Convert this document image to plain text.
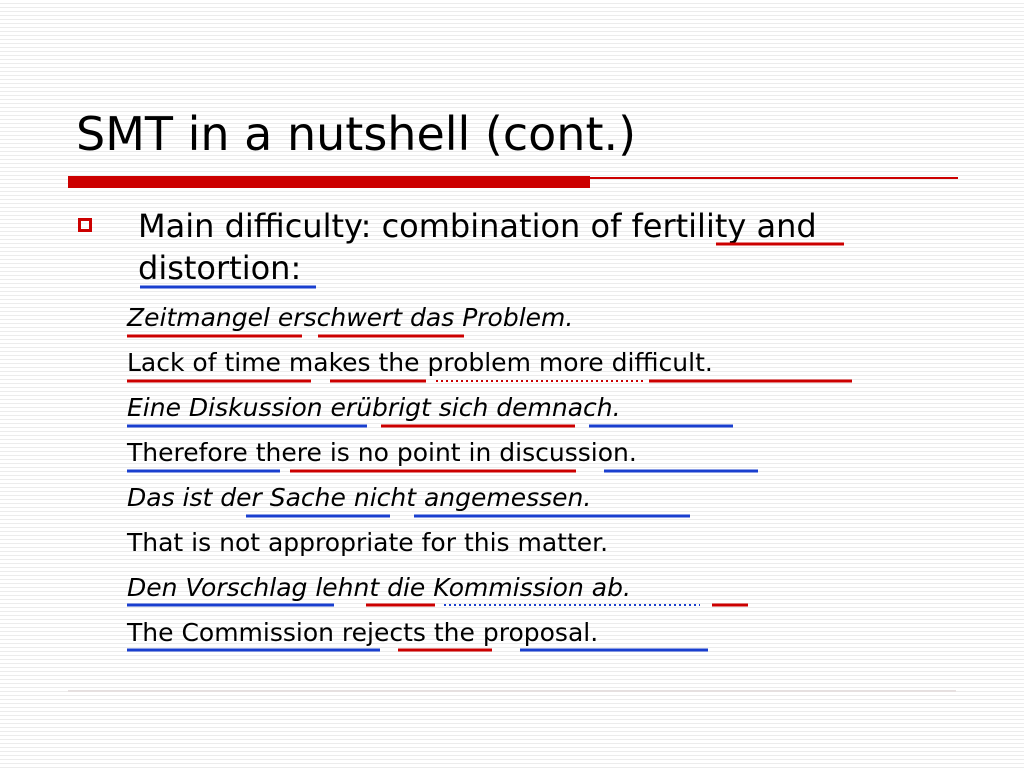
SMT in a nutshell (cont.)
Main difficulty: combination of fertility and
distortion:
Zeitmangel erschwert das Problem.
Lack of time makes the problem more difficult.
Eine Diskussion erübrigt sich demnach.
Therefore there is no point in discussion.
Das ist der Sache nicht angemessen.
That is not appropriate for this matter.
Den Vorschlag lehnt die Kommission ab.
The Commission rejects the proposal.
